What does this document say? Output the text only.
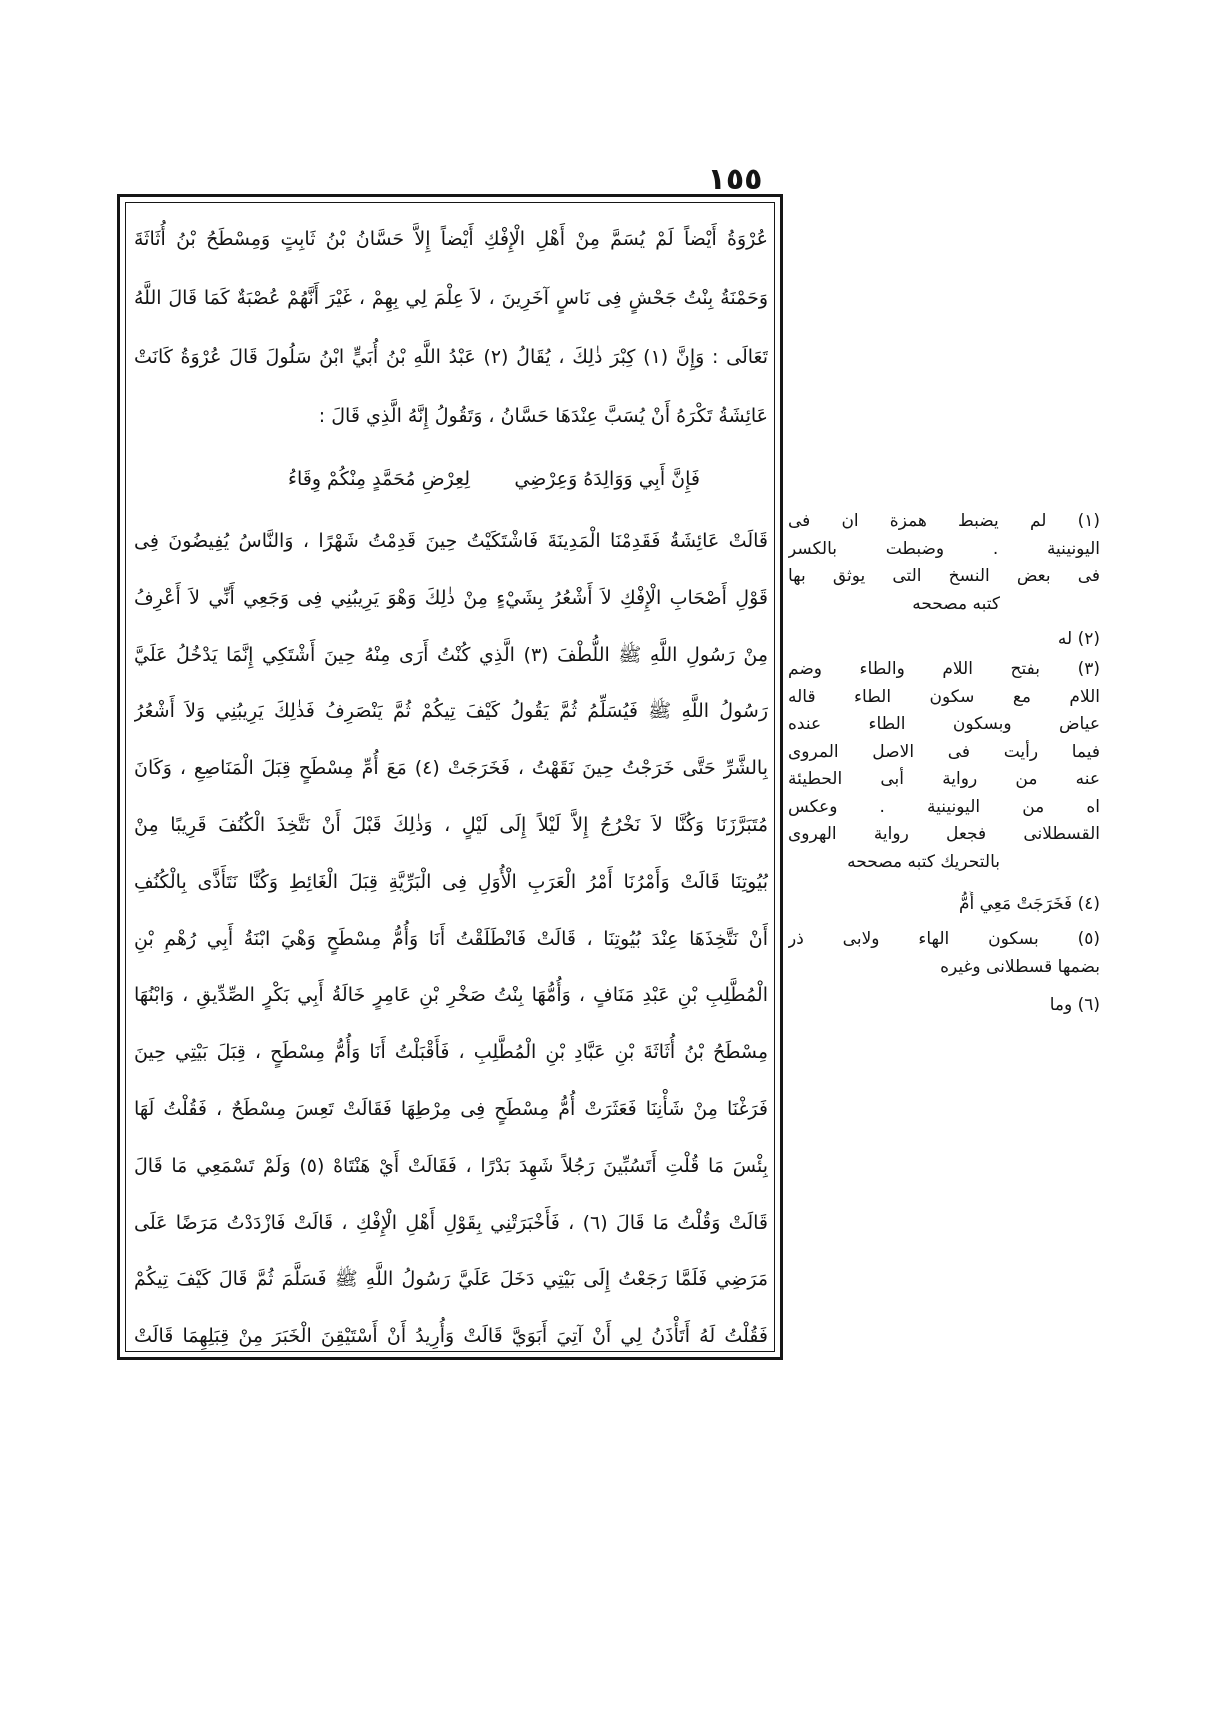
١٥٥
عُرْوَةُ أَيْضاً لَمْ يُسَمَّ مِنْ أَهْلِ الْإِفْكِ أَيْضاً إِلاَّ حَسَّانُ بْنُ ثَابِتٍ وَمِسْطَحُ بْنُ أُثَاثَةَ
وَحَمْنَةُ بِنْتُ جَحْشٍ فِى نَاسٍ آخَرِينَ ، لاَ عِلْمَ لِي بِهِمْ ، غَيْرَ أَنَّهُمْ عُصْبَةٌ كَمَا قَالَ اللَّهُ
تَعَالَى : وَإِنَّ (١) كِبْرَ ذٰلِكَ ، يُقَالُ (٢) عَبْدُ اللَّهِ بْنُ أُبَيٍّ ابْنُ سَلُولَ قَالَ عُرْوَةُ كَانَتْ
عَائِشَةُ تَكْرَهُ أَنْ يُسَبَّ عِنْدَهَا حَسَّانُ ، وَتَقُولُ إِنَّهُ الَّذِي قَالَ :
فَإِنَّ أَبِي وَوَالِدَهُ وَعِرْضِي
لِعِرْضِ مُحَمَّدٍ مِنْكُمْ وِقَاءُ
قَالَتْ عَائِشَةُ فَقَدِمْنَا الْمَدِينَةَ فَاشْتَكَيْتُ حِينَ قَدِمْتُ شَهْرًا ، وَالنَّاسُ يُفِيضُونَ فِى
قَوْلِ أَصْحَابِ الْإِفْكِ لاَ أَشْعُرُ بِشَيْءٍ مِنْ ذٰلِكَ وَهْوَ يَرِيبُنِي فِى وَجَعِي أَنِّي لاَ أَعْرِفُ
مِنْ رَسُولِ اللَّهِ ﷺ اللُّطْفَ (٣) الَّذِي كُنْتُ أَرَى مِنْهُ حِينَ أَشْتَكِي إِنَّمَا يَدْخُلُ عَلَيَّ
رَسُولُ اللَّهِ ﷺ فَيُسَلِّمُ ثُمَّ يَقُولُ كَيْفَ تِيكُمْ ثُمَّ يَنْصَرِفُ فَذٰلِكَ يَرِيبُنِي وَلاَ أَشْعُرُ
بِالشَّرِّ حَتَّى خَرَجْتُ حِينَ نَقَهْتُ ، فَخَرَجَتْ (٤) مَعَ أُمِّ مِسْطَحٍ قِبَلَ الْمَنَاصِعِ ، وَكَانَ
مُتَبَرَّزَنَا وَكُنَّا لاَ نَخْرُجُ إِلاَّ لَيْلاً إِلَى لَيْلٍ ، وَذٰلِكَ قَبْلَ أَنْ نَتَّخِذَ الْكُنُفَ قَرِيبًا مِنْ
بُيُوتِنَا قَالَتْ وَأَمْرُنَا أَمْرُ الْعَرَبِ الْأُوَلِ فِى الْبَرِّيَّةِ قِبَلَ الْغَائِطِ وَكُنَّا نَتَأَذَّى بِالْكُنُفِ
أَنْ نَتَّخِذَهَا عِنْدَ بُيُوتِنَا ، قَالَتْ فَانْطَلَقْتُ أَنَا وَأُمُّ مِسْطَحٍ وَهْيَ ابْنَةُ أَبِي رُهْمِ بْنِ
الْمُطَّلِبِ بْنِ عَبْدِ مَنَافٍ ، وَأُمُّهَا بِنْتُ صَخْرِ بْنِ عَامِرٍ خَالَةُ أَبِي بَكْرٍ الصِّدِّيقِ ، وَابْنُهَا
مِسْطَحُ بْنُ أُثَاثَةَ بْنِ عَبَّادِ بْنِ الْمُطَّلِبِ ، فَأَقْبَلْتُ أَنَا وَأُمُّ مِسْطَحٍ ، قِبَلَ بَيْتِي حِينَ
فَرَغْنَا مِنْ شَأْنِنَا فَعَثَرَتْ أُمُّ مِسْطَحٍ فِى مِرْطِهَا فَقَالَتْ تَعِسَ مِسْطَحٌ ، فَقُلْتُ لَهَا
بِئْسَ مَا قُلْتِ أَتَسُبِّينَ رَجُلاً شَهِدَ بَدْرًا ، فَقَالَتْ أَيْ هَنْتَاهْ (٥) وَلَمْ تَسْمَعِي مَا قَالَ
قَالَتْ وَقُلْتُ مَا قَالَ (٦) ، فَأَخْبَرَتْنِي بِقَوْلِ أَهْلِ الْإِفْكِ ، قَالَتْ فَازْدَدْتُ مَرَضًا عَلَى
مَرَضِي فَلَمَّا رَجَعْتُ إِلَى بَيْتِي دَخَلَ عَلَيَّ رَسُولُ اللَّهِ ﷺ فَسَلَّمَ ثُمَّ قَالَ كَيْفَ تِيكُمْ
فَقُلْتُ لَهُ أَتَأْذَنُ لِي أَنْ آتِيَ أَبَوَيَّ قَالَتْ وَأُرِيدُ أَنْ أَسْتَيْقِنَ الْخَبَرَ مِنْ قِبَلِهِمَا قَالَتْ
(١) لم يضبط همزة ان فى
اليونينية . وضبطت بالكسر
فى بعض النسخ التى يوثق بها
كتبه مصححه
(٢) له
(٣) بفتح اللام والطاء وضم
اللام مع سكون الطاء قاله
عياض وبسكون الطاء عنده
فيما رأيت فى الاصل المروى
عنه من رواية أبى الحطيئة
اه من اليونينية . وعكس
القسطلانى فجعل رواية الهروى
بالتحريك كتبه مصححه
(٤) فَخَرَجَتْ مَعِي أُمُّ
(٥) بسكون الهاء ولابى ذر
بضمها قسطلانى وغيره
(٦) وما
